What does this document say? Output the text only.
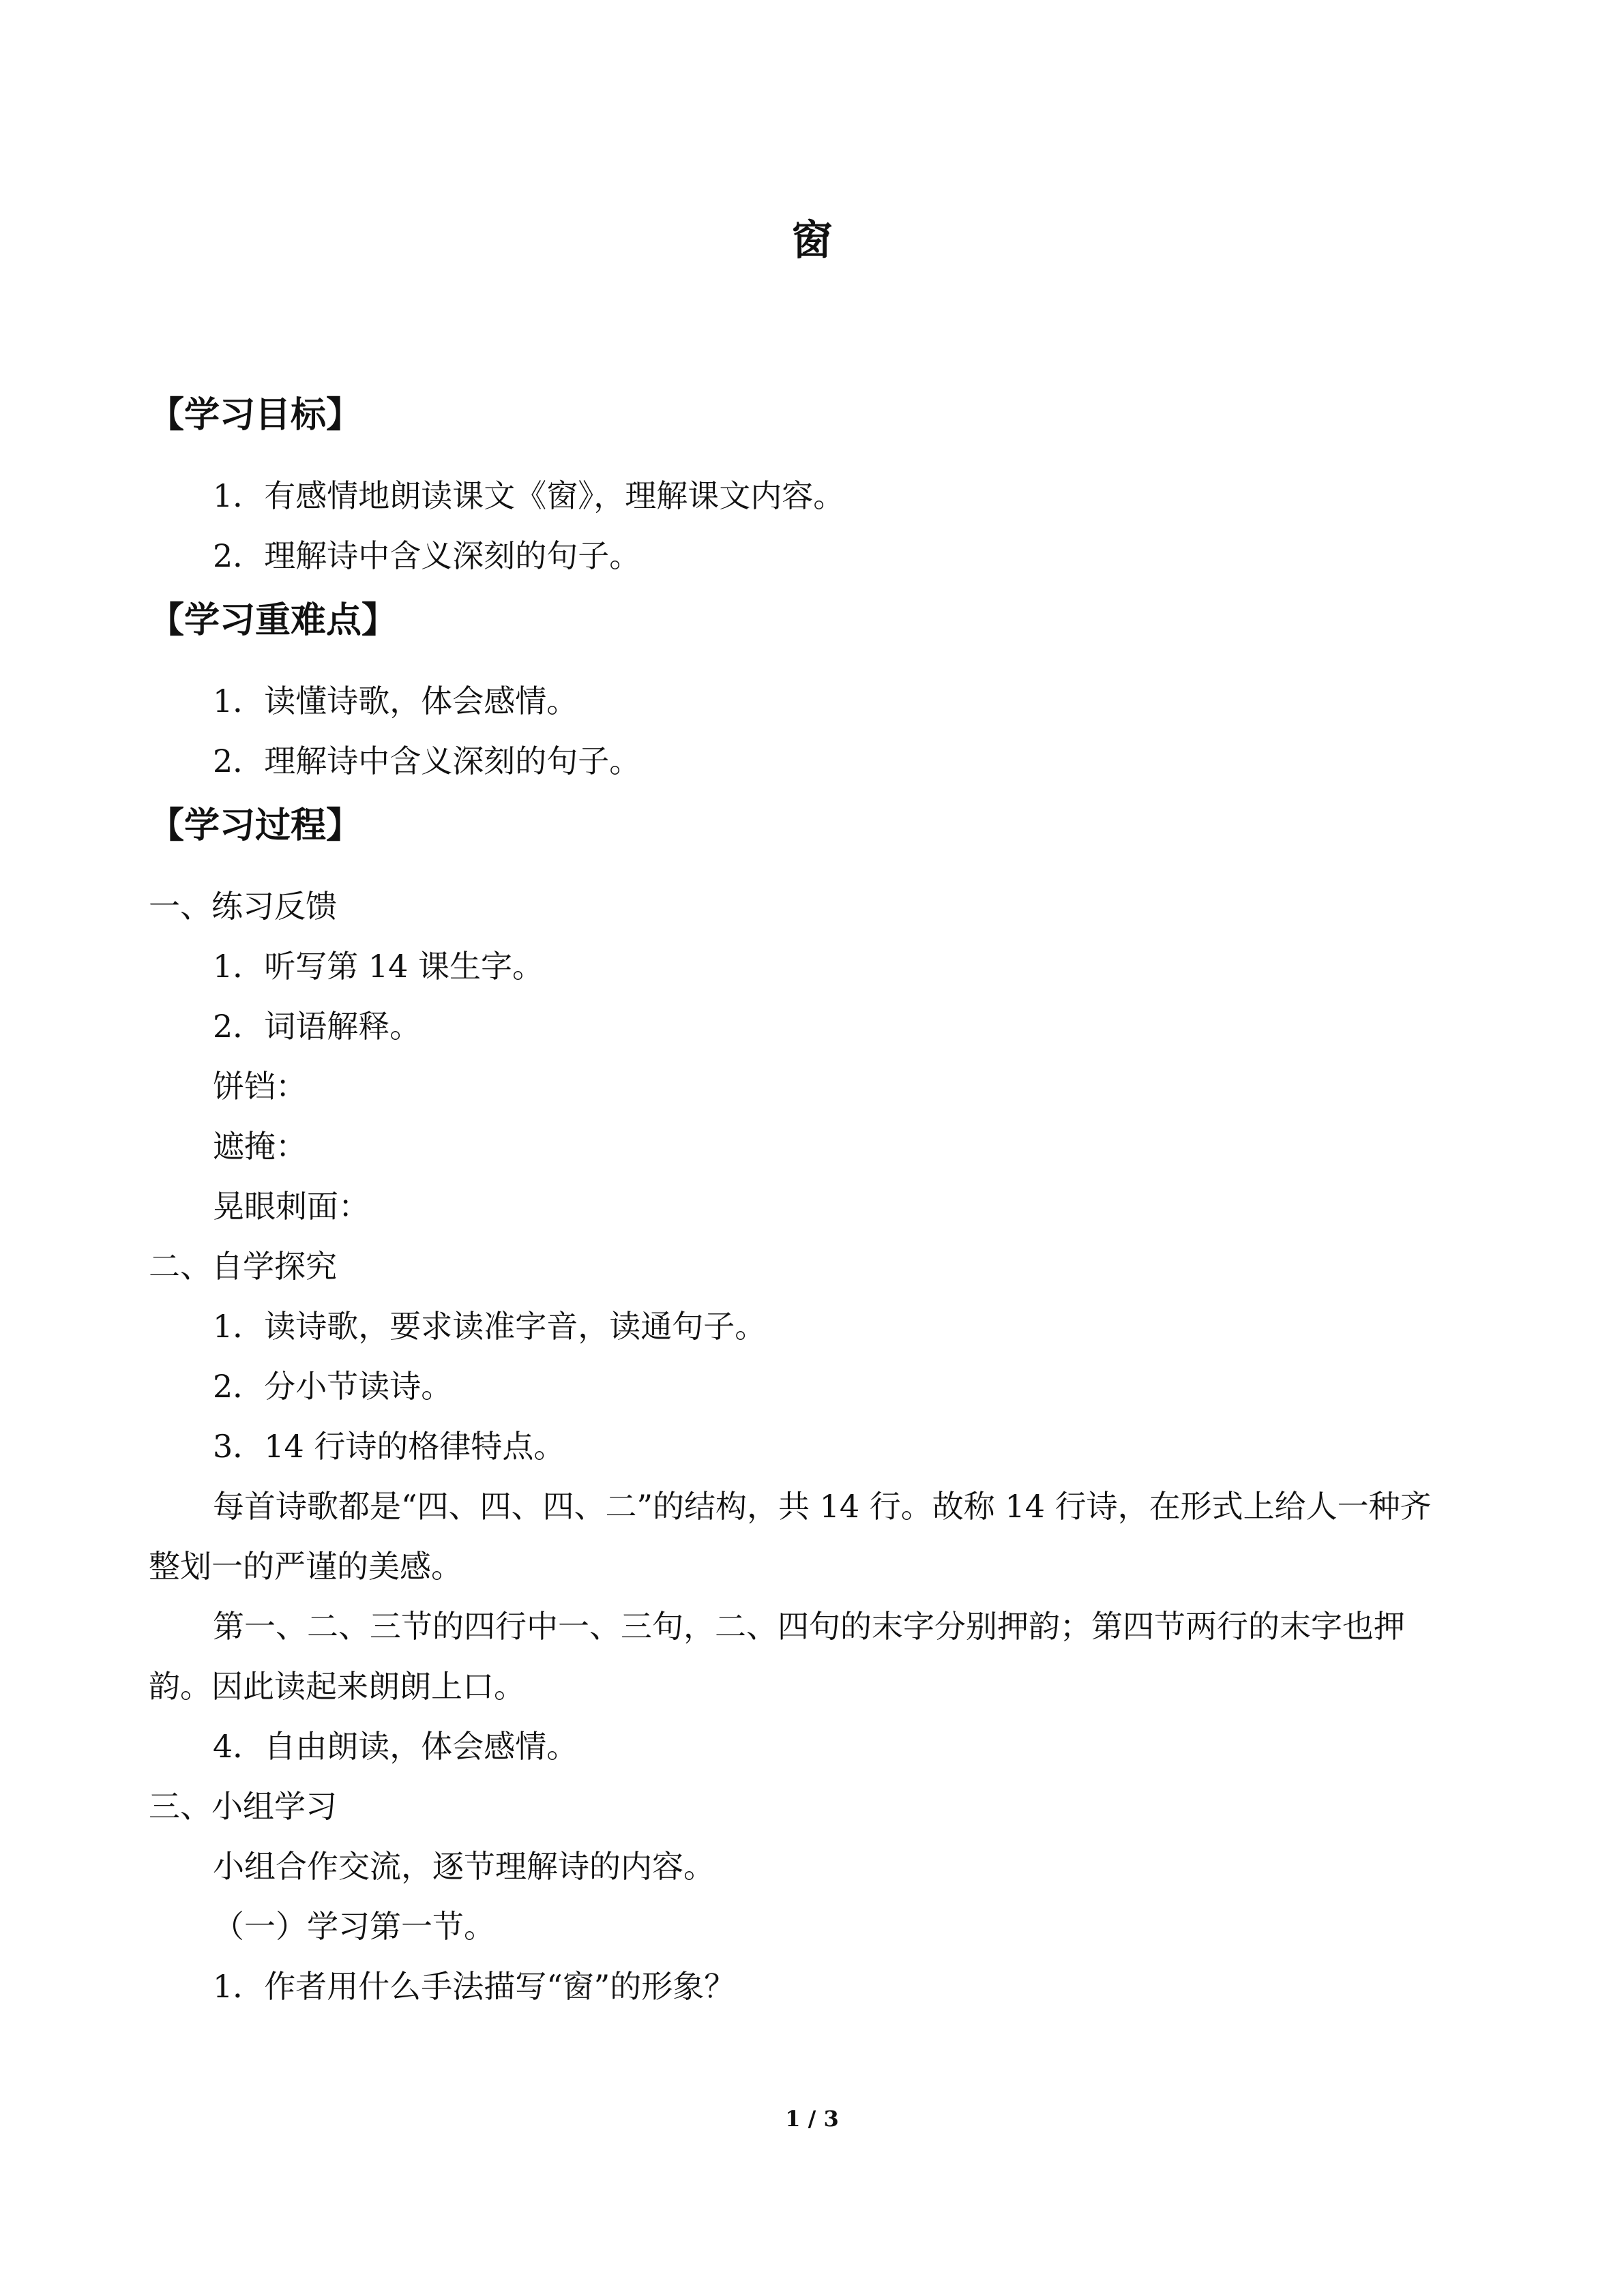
窗
【学习目标】
1．有感情地朗读课文《窗》，理解课文内容。
2．理解诗中含义深刻的句子。
【学习重难点】
1．读懂诗歌，体会感情。
2．理解诗中含义深刻的句子。
【学习过程】
一、练习反馈
1．听写第 14 课生字。
2．词语解释。
饼铛：
遮掩：
晃眼刺面：
二、自学探究
1．读诗歌，要求读准字音，读通句子。
2．分小节读诗。
3．14 行诗的格律特点。
每首诗歌都是“四、四、四、二”的结构，共 14 行。故称 14 行诗，在形式上给人一种齐整划一的严谨的美感。
第一、二、三节的四行中一、三句，二、四句的末字分别押韵；第四节两行的末字也押韵。因此读起来朗朗上口。
4．自由朗读，体会感情。
三、小组学习
小组合作交流，逐节理解诗的内容。
（一）学习第一节。
1．作者用什么手法描写“窗”的形象？
1 / 3
